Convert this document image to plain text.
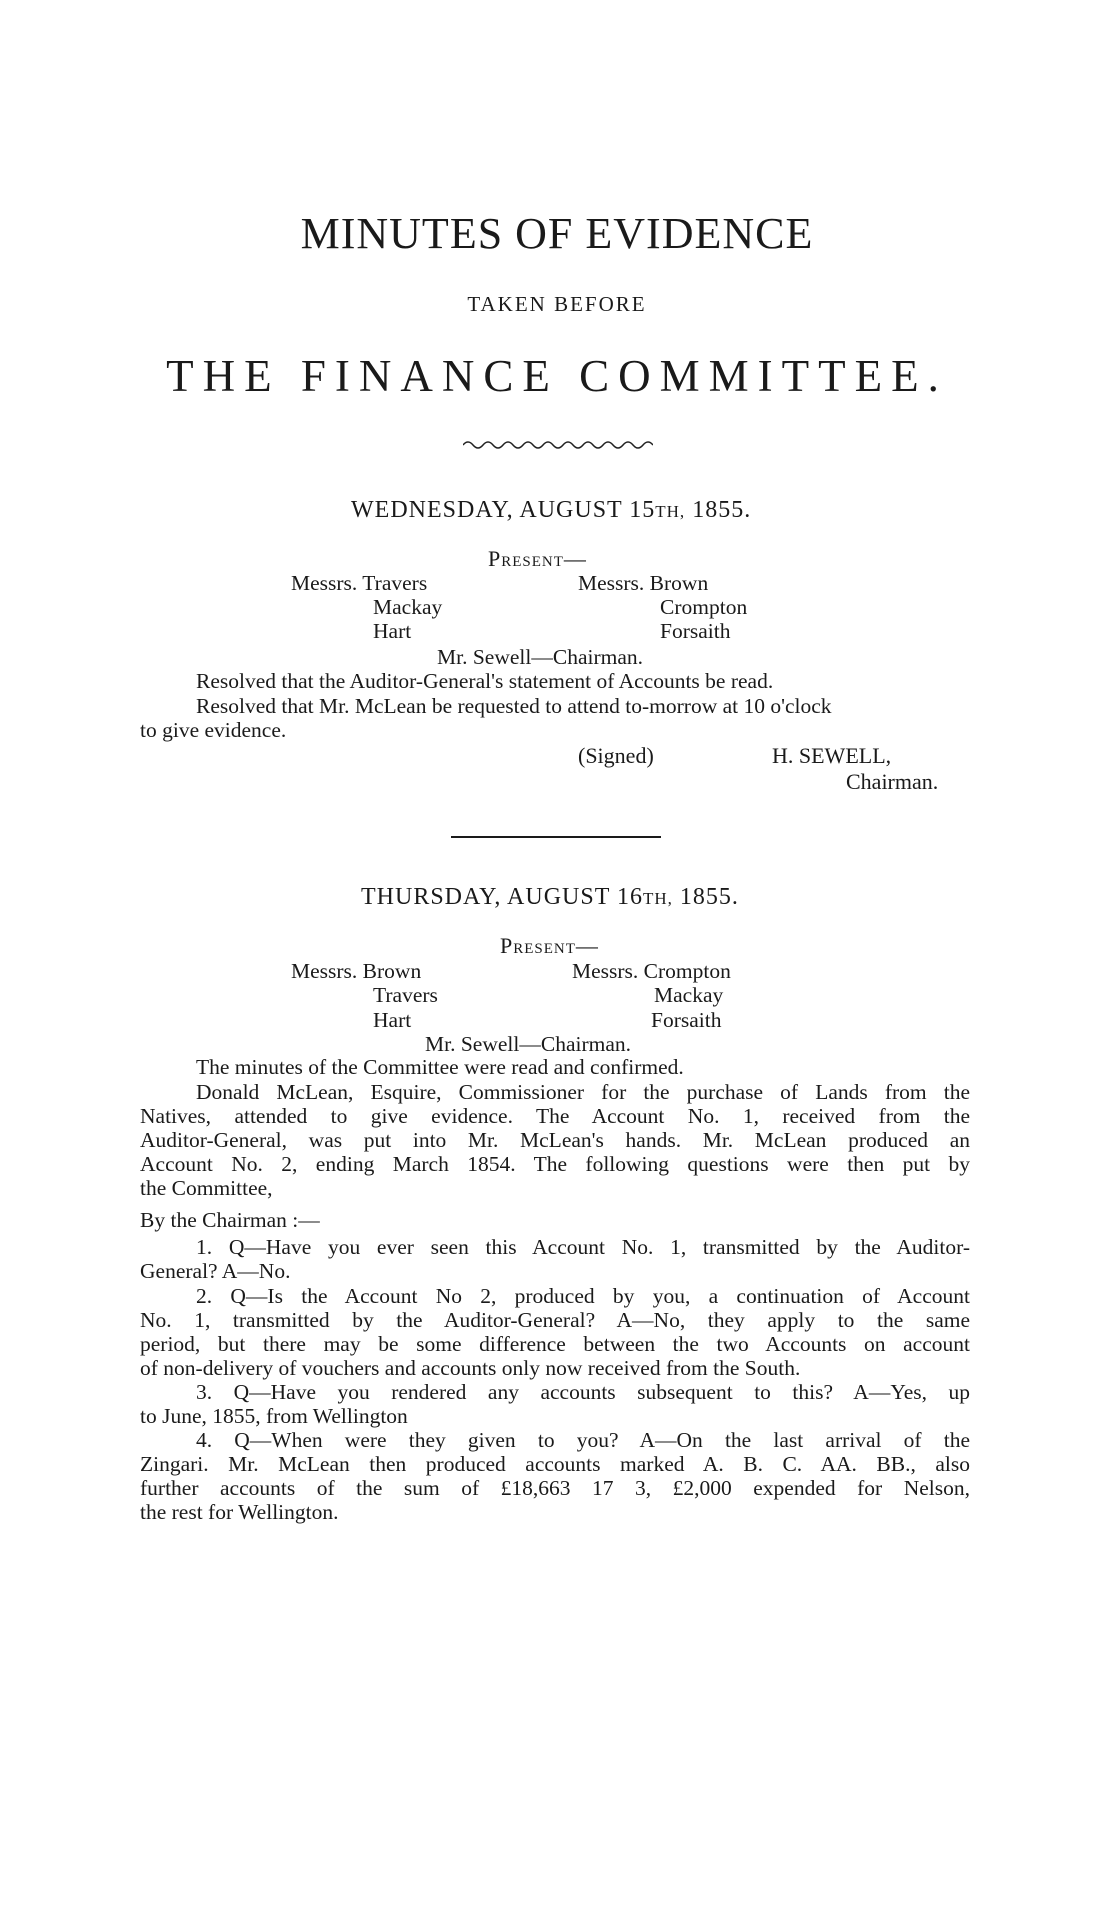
MINUTES OF EVIDENCE
TAKEN BEFORE
THE FINANCE COMMITTEE.
WEDNESDAY, AUGUST 15TH, 1855.
Present—
Messrs. Travers
Mackay
Hart
Messrs. Brown
Crompton
Forsaith
Mr. Sewell—Chairman.
Resolved that the Auditor-General's statement of Accounts be read.
Resolved that Mr. McLean be requested to attend to-morrow at 10 o'clock
to give evidence.
(Signed)	H. SEWELL,
Chairman.
THURSDAY, AUGUST 16TH, 1855.
Present—
Messrs. Brown
Travers
Hart
Messrs. Crompton
Mackay
Forsaith
Mr. Sewell—Chairman.
The minutes of the Committee were read and confirmed.
Donald McLean, Esquire, Commissioner for the purchase of Lands from the
Natives, attended to give evidence. The Account No. 1, received from the
Auditor-General, was put into Mr. McLean's hands. Mr. McLean produced an
Account No. 2, ending March 1854. The following questions were then put by
the Committee,
By the Chairman :—
1. Q—Have you ever seen this Account No. 1, transmitted by the Auditor-
General? A—No.
2. Q—Is the Account No 2, produced by you, a continuation of Account
No. 1, transmitted by the Auditor-General? A—No, they apply to the same
period, but there may be some difference between the two Accounts on account
of non-delivery of vouchers and accounts only now received from the South.
3. Q—Have you rendered any accounts subsequent to this? A—Yes, up
to June, 1855, from Wellington
4. Q—When were they given to you? A—On the last arrival of the
Zingari. Mr. McLean then produced accounts marked A. B. C. AA. BB., also
further accounts of the sum of £18,663 17 3, £2,000 expended for Nelson,
the rest for Wellington.
